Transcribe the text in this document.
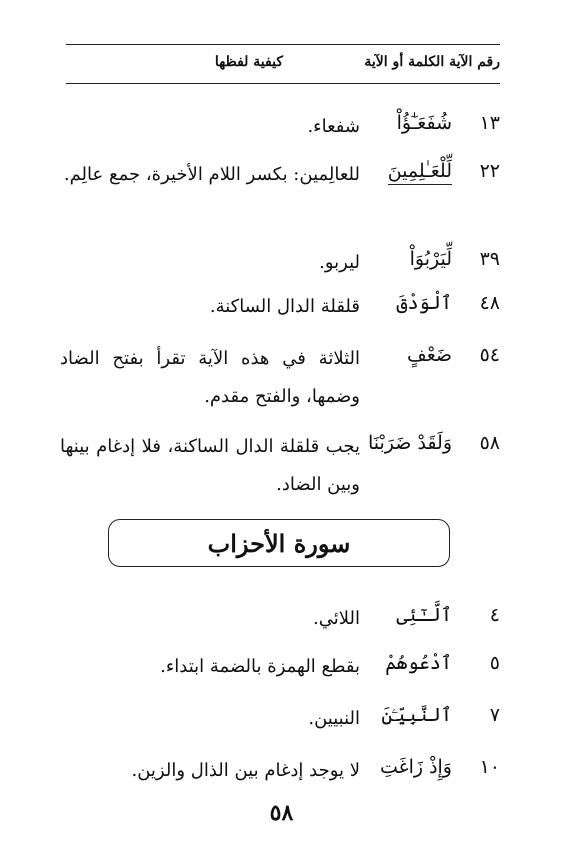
رقم الآية الكلمة أو الآية
كيفية لفظها
١٣
شُفَعَـٰٓؤُاْ
شفعاء.
٢٢
لِّلْعَـٰلِمِينَ
للعالِمين: بكسر اللام الأخيرة، جمع عالِم.
٣٩
لِّيَرْبُوَاْ
ليربو.
٤٨
ٱلْوَدْقَ
قلقلة الدال الساكنة.
٥٤
ضَعْفٍ
الثلاثة في هذه الآية تقرأ بفتح الضاد وضمها، والفتح مقدم.
٥٨
وَلَقَدْ ضَرَبْنَا
يجب قلقلة الدال الساكنة، فلا إدغام بينها وبين الضاد.
سورة الأحزاب
٤
ٱلَّـٰٓئِى
اللائي.
٥
ٱدْعُوهُمْ
بقطع الهمزة بالضمة ابتداء.
٧
ٱلنَّبِيِّـۧنَ
النبيين.
١٠
وَإِذْ زَاغَتِ
لا يوجد إدغام بين الذال والزين.
٥٨
